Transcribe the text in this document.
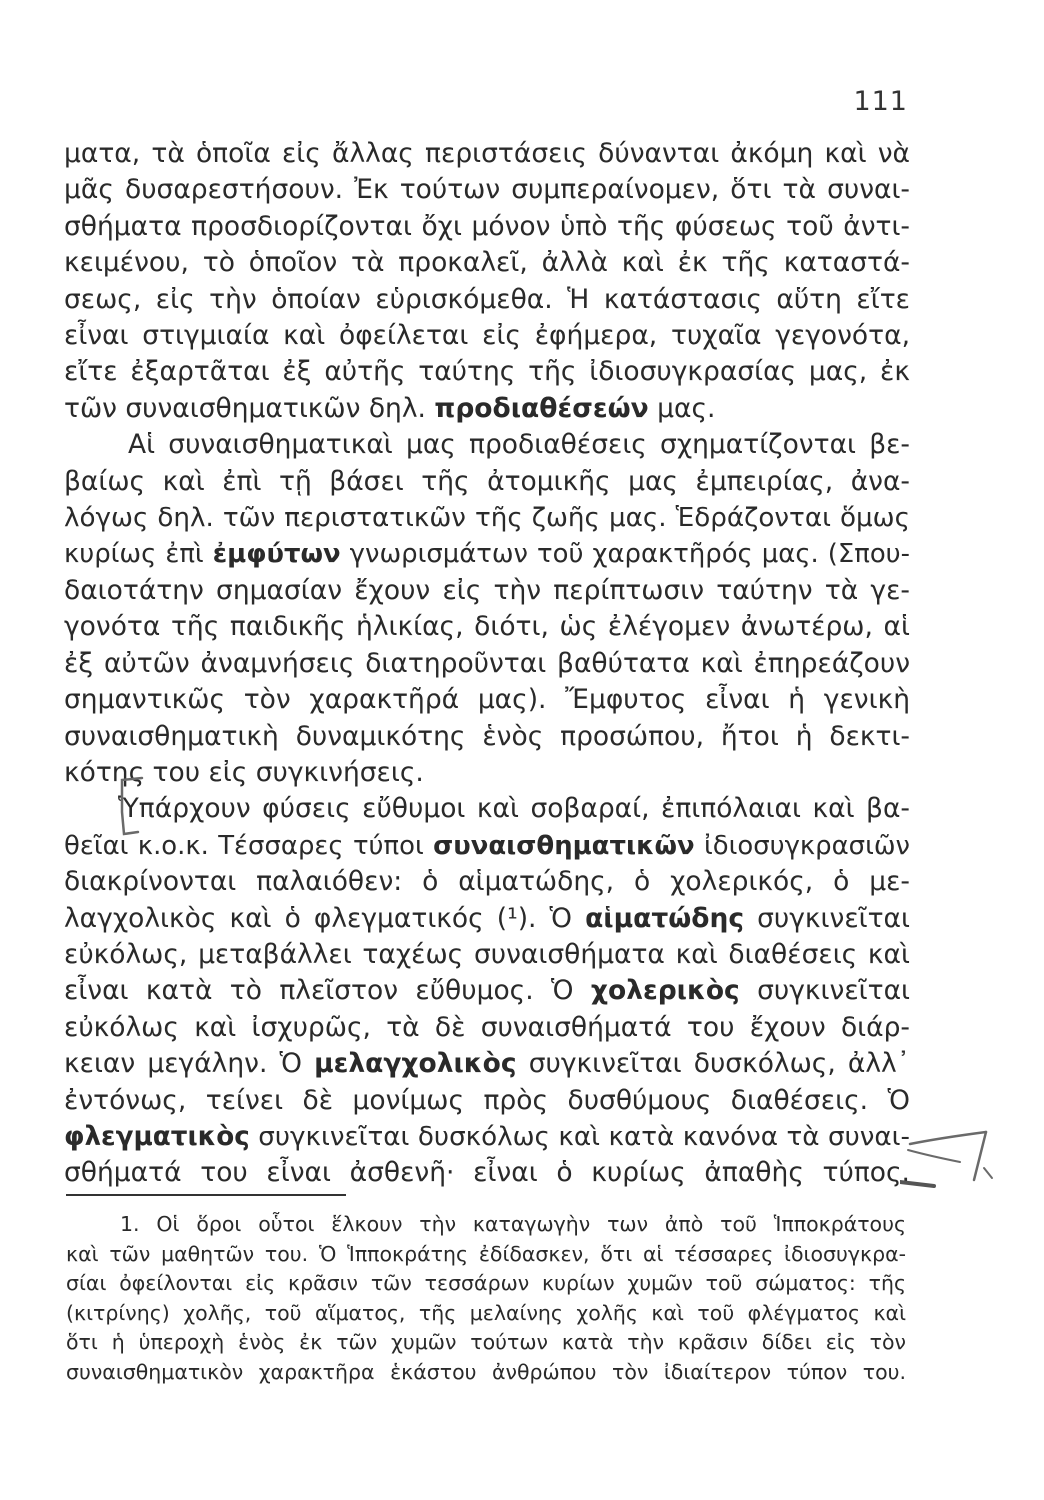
111
ματα, τὰ ὁποῖα εἰς ἄλλας περιστάσεις δύνανται ἀκόμη καὶ νὰ
μᾶς δυσαρεστήσουν. Ἐκ τούτων συμπεραίνομεν, ὅτι τὰ συναι-
σθήματα προσδιορίζονται ὄχι μόνον ὑπὸ τῆς φύσεως τοῦ ἀντι-
κειμένου, τὸ ὁποῖον τὰ προκαλεῖ, ἀλλὰ καὶ ἐκ τῆς καταστά-
σεως, εἰς τὴν ὁποίαν εὑρισκόμεθα. Ἡ κατάστασις αὕτη εἴτε
εἶναι στιγμιαία καὶ ὀφείλεται εἰς ἐφήμερα, τυχαῖα γεγονότα,
εἴτε ἐξαρτᾶται ἐξ αὐτῆς ταύτης τῆς ἰδιοσυγκρασίας μας, ἐκ
τῶν συναισθηματικῶν δηλ. προδιαθέσεών μας.
Αἱ συναισθηματικαὶ μας προδιαθέσεις σχηματίζονται βε-
βαίως καὶ ἐπὶ τῇ βάσει τῆς ἀτομικῆς μας ἐμπειρίας, ἀνα-
λόγως δηλ. τῶν περιστατικῶν τῆς ζωῆς μας. Ἑδράζονται ὅμως
κυρίως ἐπὶ ἐμφύτων γνωρισμάτων τοῦ χαρακτῆρός μας. (Σπου-
δαιοτάτην σημασίαν ἔχουν εἰς τὴν περίπτωσιν ταύτην τὰ γε-
γονότα τῆς παιδικῆς ἡλικίας, διότι, ὡς ἐλέγομεν ἀνωτέρω, αἱ
ἐξ αὐτῶν ἀναμνήσεις διατηροῦνται βαθύτατα καὶ ἐπηρεάζουν
σημαντικῶς τὸν χαρακτῆρά μας). Ἔμφυτος εἶναι ἡ γενικὴ
συναισθηματικὴ δυναμικότης ἑνὸς προσώπου, ἤτοι ἡ δεκτι-
κότης του εἰς συγκινήσεις.
Ὑπάρχουν φύσεις εὔθυμοι καὶ σοβαραί, ἐπιπόλαιαι καὶ βα-
θεῖαι κ.ο.κ. Τέσσαρες τύποι συναισθηματικῶν ἰδιοσυγκρασιῶν
διακρίνονται παλαιόθεν: ὁ αἱματώδης, ὁ χολερικός, ὁ με-
λαγχολικὸς καὶ ὁ φλεγματικός (¹). Ὁ αἱματώδης συγκινεῖται
εὐκόλως, μεταβάλλει ταχέως συναισθήματα καὶ διαθέσεις καὶ
εἶναι κατὰ τὸ πλεῖστον εὔθυμος. Ὁ χολερικὸς συγκινεῖται
εὐκόλως καὶ ἰσχυρῶς, τὰ δὲ συναισθήματά του ἔχουν διάρ-
κειαν μεγάλην. Ὁ μελαγχολικὸς συγκινεῖται δυσκόλως, ἀλλ᾿
ἐντόνως, τείνει δὲ μονίμως πρὸς δυσθύμους διαθέσεις. Ὁ
φλεγματικὸς συγκινεῖται δυσκόλως καὶ κατὰ κανόνα τὰ συναι-
σθήματά του εἶναι ἀσθενῆ· εἶναι ὁ κυρίως ἀπαθὴς τύπος.
1. Οἱ ὅροι οὗτοι ἕλκουν τὴν καταγωγὴν των ἀπὸ τοῦ Ἱπποκράτους
καὶ τῶν μαθητῶν του. Ὁ Ἱπποκράτης ἐδίδασκεν, ὅτι αἱ τέσσαρες ἰδιοσυγκρα-
σίαι ὀφείλονται εἰς κρᾶσιν τῶν τεσσάρων κυρίων χυμῶν τοῦ σώματος: τῆς
(κιτρίνης) χολῆς, τοῦ αἵματος, τῆς μελαίνης χολῆς καὶ τοῦ φλέγματος καὶ
ὅτι ἡ ὑπεροχὴ ἑνὸς ἐκ τῶν χυμῶν τούτων κατὰ τὴν κρᾶσιν δίδει εἰς τὸν
συναισθηματικὸν χαρακτῆρα ἑκάστου ἀνθρώπου τὸν ἰδιαίτερον τύπον του.
